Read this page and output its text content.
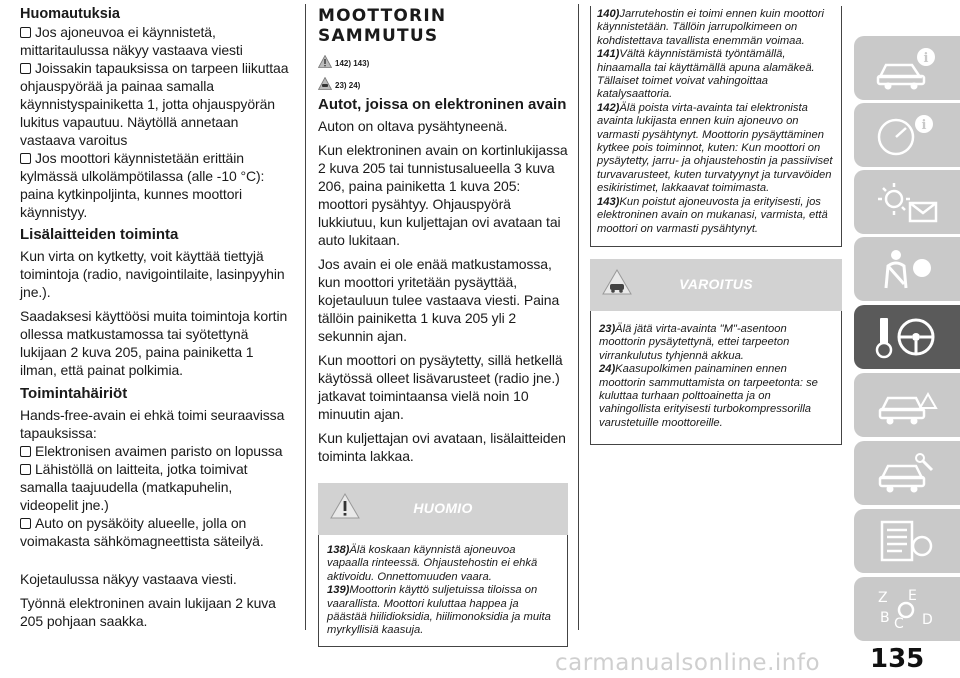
Huomautuksia

Jos ajoneuvoa ei käynnistetä, mittaritaulussa näkyy vastaava viesti

Joissakin tapauksissa on tarpeen liikuttaa ohjauspyörää ja painaa samalla käynnistyspainiketta 1, jotta ohjauspyörän lukitus vapautuu. Näytöllä annetaan vastaava varoitus

Jos moottori käynnistetään erittäin kylmässä ulkolämpötilassa (alle -10 °C): paina kytkinpoljinta, kunnes moottori käynnistyy.

Lisälaitteiden toiminta

Kun virta on kytketty, voit käyttää tiettyjä toimintoja (radio, navigointilaite, lasinpyyhin jne.).

Saadaksesi käyttöösi muita toimintoja kortin ollessa matkustamossa tai syötettynä lukijaan 2 kuva 205, paina painiketta 1 ilman, että painat polkimia.

Toimintahäiriöt

Hands-free-avain ei ehkä toimi seuraavissa tapauksissa:

Elektronisen avaimen paristo on lopussa

Lähistöllä on laitteita, jotka toimivat samalla taajuudella (matkapuhelin, videopelit jne.)

Auto on pysäköity alueelle, jolla on voimakasta sähkömagneettista säteilyä.

Kojetaulussa näkyy vastaava viesti.

Työnnä elektroninen avain lukijaan 2 kuva 205 pohjaan saakka.

MOOTTORIN SAMMUTUS

142) 143)
23) 24)

Autot, joissa on elektroninen avain

Auton on oltava pysähtyneenä.

Kun elektroninen avain on kortinlukijassa 2 kuva 205 tai tunnistusalueella 3 kuva 206, paina painiketta 1 kuva 205: moottori pysähtyy. Ohjauspyörä lukkiutuu, kun kuljettajan ovi avataan tai auto lukitaan.

Jos avain ei ole enää matkustamossa, kun moottori yritetään pysäyttää, kojetauluun tulee vastaava viesti. Paina tällöin painiketta 1 kuva 205 yli 2 sekunnin ajan.

Kun moottori on pysäytetty, sillä hetkellä käytössä olleet lisävarusteet (radio jne.) jatkavat toimintaansa vielä noin 10 minuutin ajan.

Kun kuljettajan ovi avataan, lisälaitteiden toiminta lakkaa.

HUOMIO

138)Älä koskaan käynnistä ajoneuvoa vapaalla rinteessä. Ohjaustehostin ei ehkä aktivoidu. Onnettomuuden vaara.

139)Moottorin käyttö suljetuissa tiloissa on vaarallista. Moottori kuluttaa happea ja päästää hiilidioksidia, hiilimonoksidia ja muita myrkyllisiä kaasuja.

140)Jarrutehostin ei toimi ennen kuin moottori käynnistetään. Tällöin jarrupolkimeen on kohdistettava tavallista enemmän voimaa.

141)Vältä käynnistämistä työntämällä, hinaamalla tai käyttämällä apuna alamäkeä. Tällaiset toimet voivat vahingoittaa katalysaattoria.

142)Älä poista virta-avainta tai elektronista avainta lukijasta ennen kuin ajoneuvo on varmasti pysähtynyt. Moottorin pysäyttäminen kytkee pois toiminnot, kuten: Kun moottori on pysäytetty, jarru- ja ohjaustehostin ja passiiviset turvavarusteet, kuten turvatyynyt ja turvavöiden esikiristimet, lakkaavat toimimasta.

143)Kun poistut ajoneuvosta ja erityisesti, jos elektroninen avain on mukanasi, varmista, että moottori on varmasti pysähtynyt.

VAROITUS

23)Älä jätä virta-avainta "M"-asentoon moottorin pysäytettynä, ettei tarpeeton virrankulutus tyhjennä akkua.

24)Kaasupolkimen painaminen ennen moottorin sammuttamista on tarpeetonta: se kuluttaa turhaan polttoainetta ja on vahingollista erityisesti turbokompressorilla varustetuille moottoreille.

i
i
Z E
B C D
135
carmanualsonline.info
